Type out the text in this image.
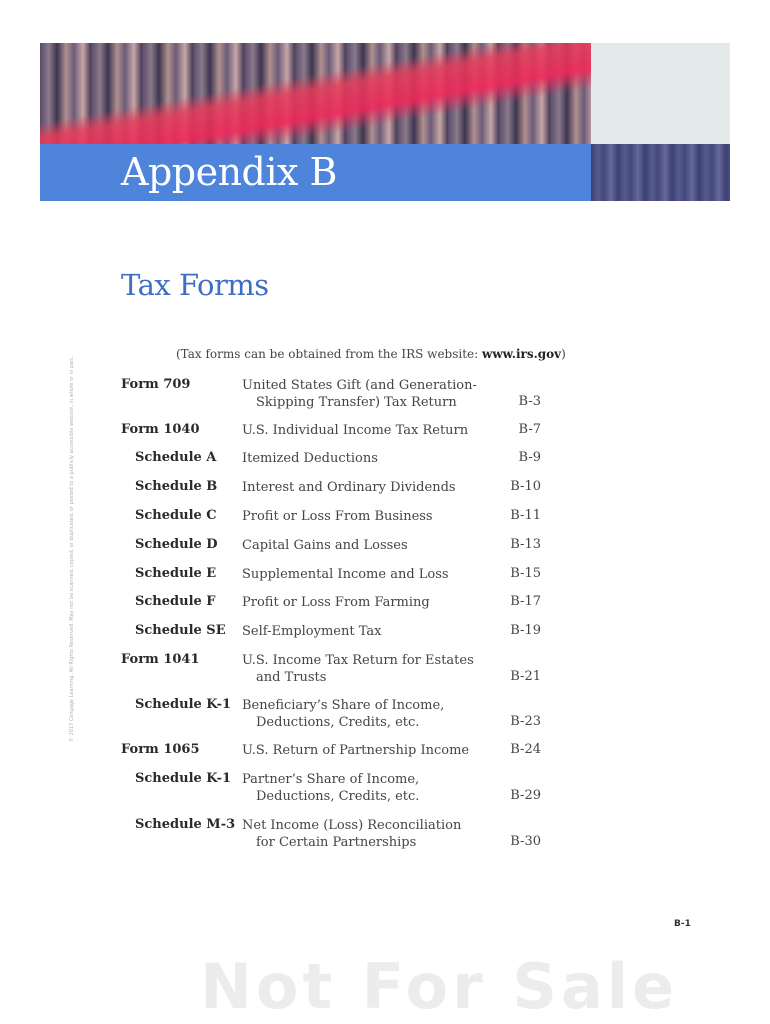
Appendix B
© 2017 Cengage Learning. All Rights Reserved. May not be scanned, copied, or duplicated, or posted to a publicly accessible website, in whole or in part.
Tax Forms
(Tax forms can be obtained from the IRS website: www.irs.gov)
Form 709	United States Gift (and Generation-
Skipping Transfer) Tax Return	B-3
Form 1040	U.S. Individual Income Tax Return	B-7
Schedule A Itemized Deductions	B-9
Schedule B Interest and Ordinary Dividends	B-10
Schedule C Profit or Loss From Business	B-11
Schedule D Capital Gains and Losses	B-13
Schedule E Supplemental Income and Loss	B-15
Schedule F Profit or Loss From Farming	B-17
Schedule SE Self-Employment Tax	B-19
Form 1041	U.S. Income Tax Return for Estates
and Trusts	B-21
Schedule K-1 Beneficiary’s Share of Income,
Deductions, Credits, etc.	B-23
Form 1065	U.S. Return of Partnership Income	B-24
Schedule K-1 Partner’s Share of Income,
Deductions, Credits, etc.	B-29
Schedule M-3 Net Income (Loss) Reconciliation
for Certain Partnerships	B-30
B-1
Not For Sale
